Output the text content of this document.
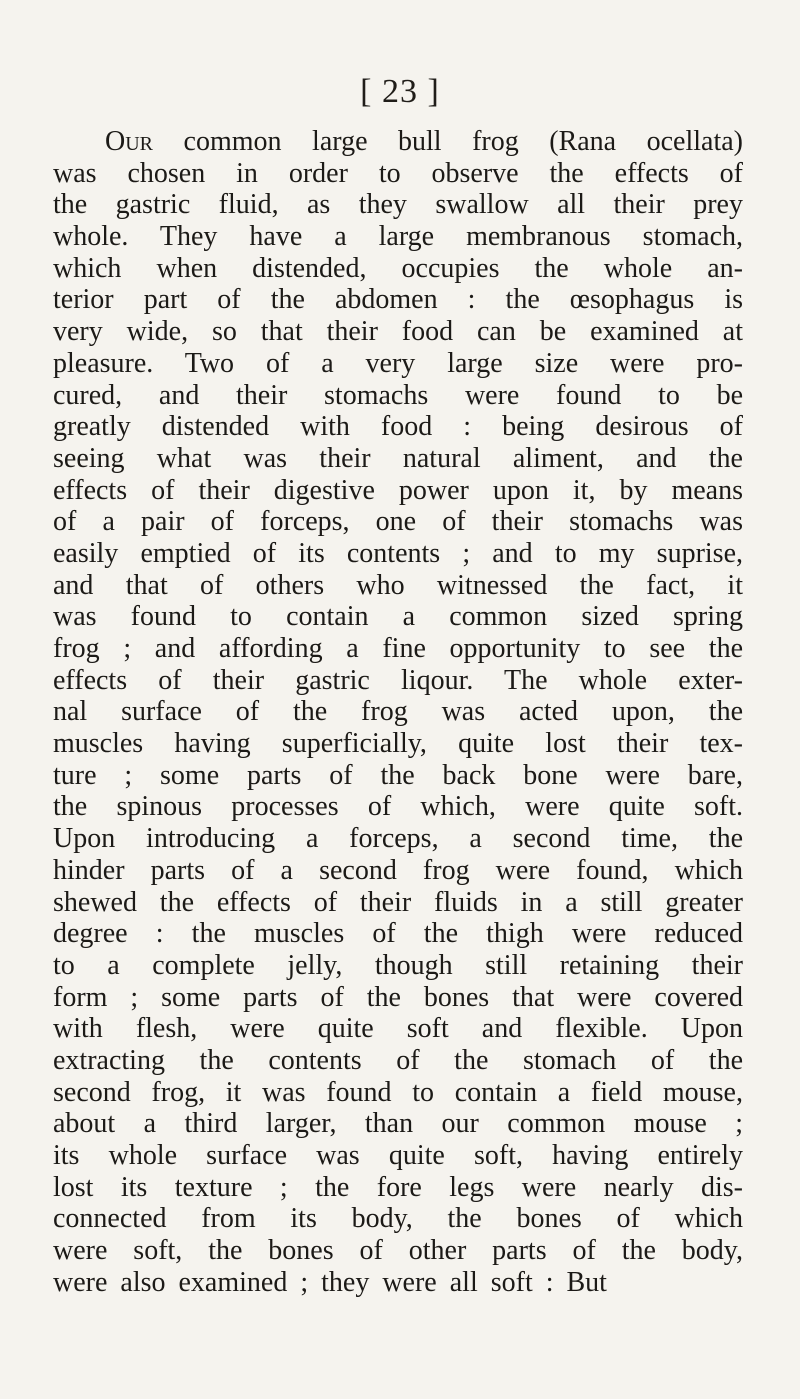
[ 23 ]
Our common large bull frog (Rana ocellata)
was chosen in order to observe the effects of
the gastric fluid, as they swallow all their prey
whole. They have a large membranous stomach,
which when distended, occupies the whole an-
terior part of the abdomen : the œsophagus is
very wide, so that their food can be examined at
pleasure. Two of a very large size were pro-
cured, and their stomachs were found to be
greatly distended with food : being desirous of
seeing what was their natural aliment, and the
effects of their digestive power upon it, by means
of a pair of forceps, one of their stomachs was
easily emptied of its contents ; and to my suprise,
and that of others who witnessed the fact, it
was found to contain a common sized spring
frog ; and affording a fine opportunity to see the
effects of their gastric liqour. The whole exter-
nal surface of the frog was acted upon, the
muscles having superficially, quite lost their tex-
ture ; some parts of the back bone were bare,
the spinous processes of which, were quite soft.
Upon introducing a forceps, a second time, the
hinder parts of a second frog were found, which
shewed the effects of their fluids in a still greater
degree : the muscles of the thigh were reduced
to a complete jelly, though still retaining their
form ; some parts of the bones that were covered
with flesh, were quite soft and flexible. Upon
extracting the contents of the stomach of the
second frog, it was found to contain a field mouse,
about a third larger, than our common mouse ;
its whole surface was quite soft, having entirely
lost its texture ; the fore legs were nearly dis-
connected from its body, the bones of which
were soft, the bones of other parts of the body,
were also examined ; they were all soft : But
